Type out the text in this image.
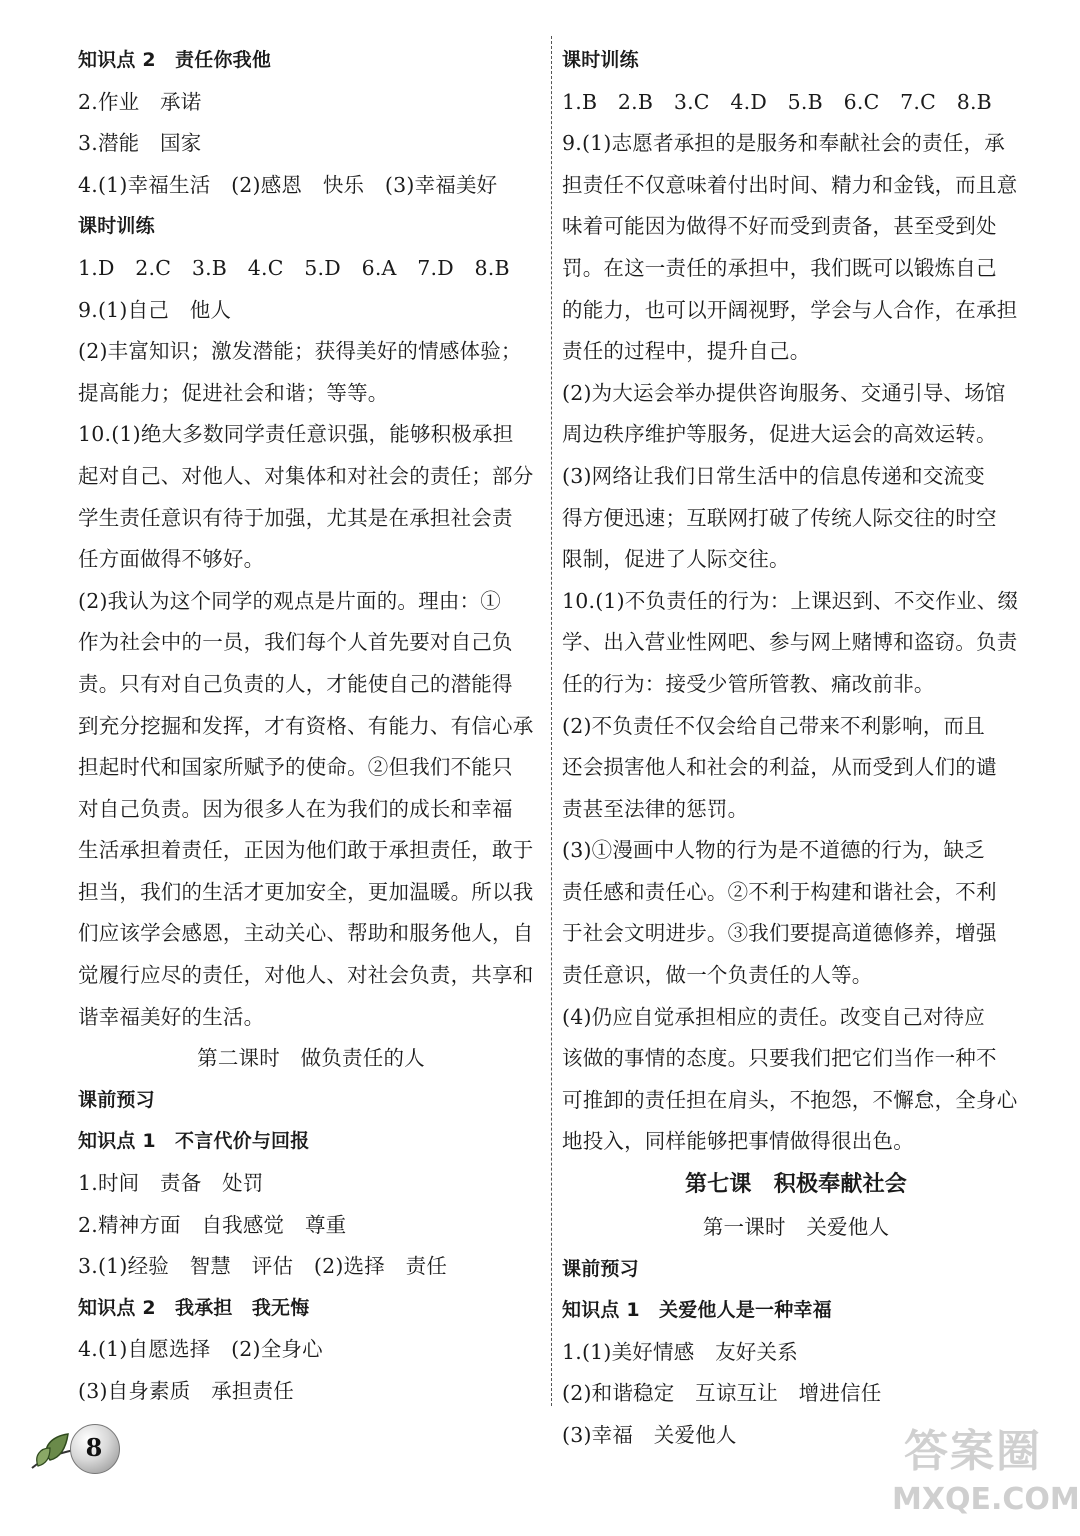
知识点 2　责任你我他
2.作业　承诺
3.潜能　国家
4.(1)幸福生活　(2)感恩　快乐　(3)幸福美好
课时训练
1.D　2.C　3.B　4.C　5.D　6.A　7.D　8.B
9.(1)自己　他人
(2)丰富知识；激发潜能；获得美好的情感体验；
提高能力；促进社会和谐；等等。
10.(1)绝大多数同学责任意识强，能够积极承担
起对自己、对他人、对集体和对社会的责任；部分
学生责任意识有待于加强，尤其是在承担社会责
任方面做得不够好。
(2)我认为这个同学的观点是片面的。理由：①
作为社会中的一员，我们每个人首先要对自己负
责。只有对自己负责的人，才能使自己的潜能得
到充分挖掘和发挥，才有资格、有能力、有信心承
担起时代和国家所赋予的使命。②但我们不能只
对自己负责。因为很多人在为我们的成长和幸福
生活承担着责任，正因为他们敢于承担责任，敢于
担当，我们的生活才更加安全，更加温暖。所以我
们应该学会感恩，主动关心、帮助和服务他人，自
觉履行应尽的责任，对他人、对社会负责，共享和
谐幸福美好的生活。
第二课时　做负责任的人
课前预习
知识点 1　不言代价与回报
1.时间　责备　处罚
2.精神方面　自我感觉　尊重
3.(1)经验　智慧　评估　(2)选择　责任
知识点 2　我承担　我无悔
4.(1)自愿选择　(2)全身心
(3)自身素质　承担责任
课时训练
1.B　2.B　3.C　4.D　5.B　6.C　7.C　8.B
9.(1)志愿者承担的是服务和奉献社会的责任，承
担责任不仅意味着付出时间、精力和金钱，而且意
味着可能因为做得不好而受到责备，甚至受到处
罚。在这一责任的承担中，我们既可以锻炼自己
的能力，也可以开阔视野，学会与人合作，在承担
责任的过程中，提升自己。
(2)为大运会举办提供咨询服务、交通引导、场馆
周边秩序维护等服务，促进大运会的高效运转。
(3)网络让我们日常生活中的信息传递和交流变
得方便迅速；互联网打破了传统人际交往的时空
限制，促进了人际交往。
10.(1)不负责任的行为：上课迟到、不交作业、缀
学、出入营业性网吧、参与网上赌博和盗窃。负责
任的行为：接受少管所管教、痛改前非。
(2)不负责任不仅会给自己带来不利影响，而且
还会损害他人和社会的利益，从而受到人们的谴
责甚至法律的惩罚。
(3)①漫画中人物的行为是不道德的行为，缺乏
责任感和责任心。②不利于构建和谐社会，不利
于社会文明进步。③我们要提高道德修养，增强
责任意识，做一个负责任的人等。
(4)仍应自觉承担相应的责任。改变自己对待应
该做的事情的态度。只要我们把它们当作一种不
可推卸的责任担在肩头，不抱怨，不懈怠，全身心
地投入，同样能够把事情做得很出色。
第七课　积极奉献社会
第一课时　关爱他人
课前预习
知识点 1　关爱他人是一种幸福
1.(1)美好情感　友好关系
(2)和谐稳定　互谅互让　增进信任
(3)幸福　关爱他人
8	答案圈
MXQE.COM
